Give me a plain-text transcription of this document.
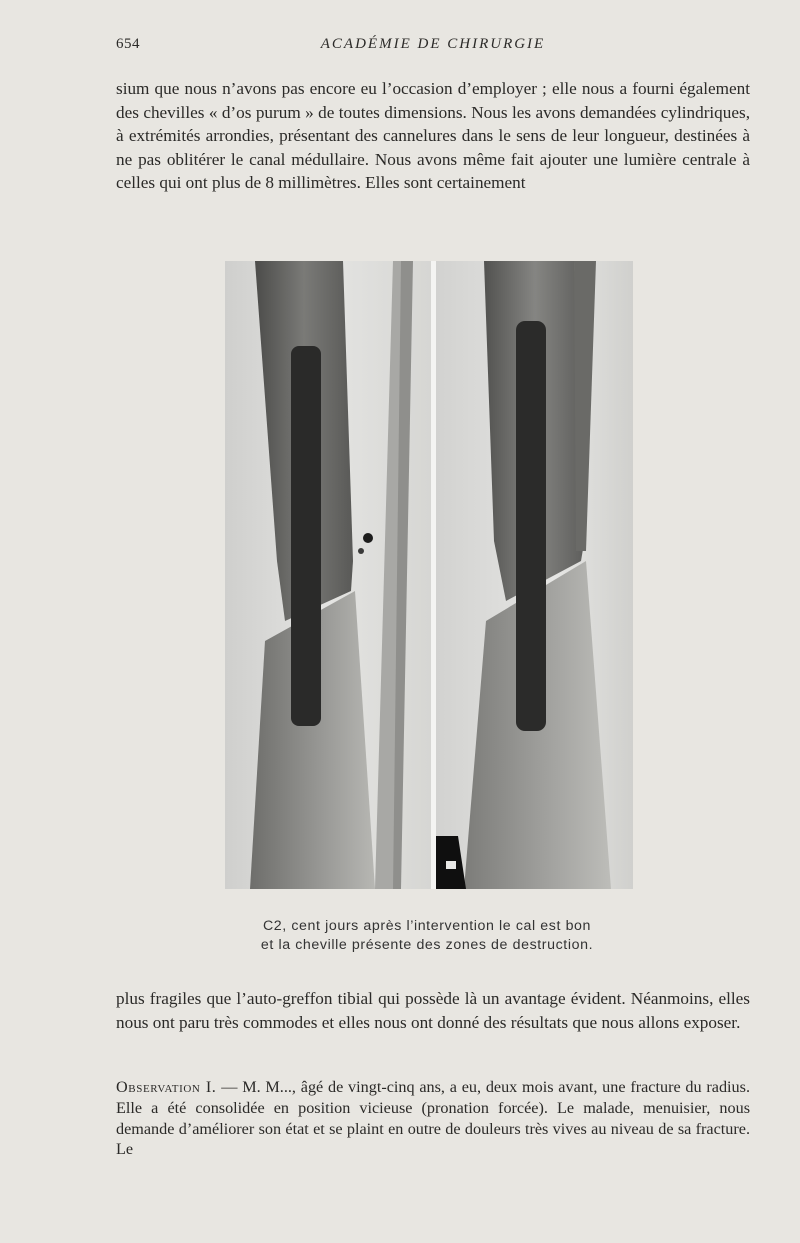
654	ACADÉMIE DE CHIRURGIE

sium que nous n’avons pas encore eu l’occasion d’employer ; elle nous a fourni également des chevilles « d’os purum » de toutes dimensions. Nous les avons demandées cylindriques, à extrémités arrondies, présentant des cannelures dans le sens de leur longueur, destinées à ne pas oblitérer le canal médullaire. Nous avons même fait ajouter une lumière centrale à celles qui ont plus de 8 millimètres. Elles sont certainement

C2, cent jours après l’intervention le cal est bon
et la cheville présente des zones de destruction.

plus fragiles que l’auto-greffon tibial qui possède là un avantage évident. Néanmoins, elles nous ont paru très commodes et elles nous ont donné des résultats que nous allons exposer.

Observation I. — M. M..., âgé de vingt-cinq ans, a eu, deux mois avant, une fracture du radius. Elle a été consolidée en position vicieuse (pronation forcée). Le malade, menuisier, nous demande d’améliorer son état et se plaint en outre de douleurs très vives au niveau de sa fracture. Le
